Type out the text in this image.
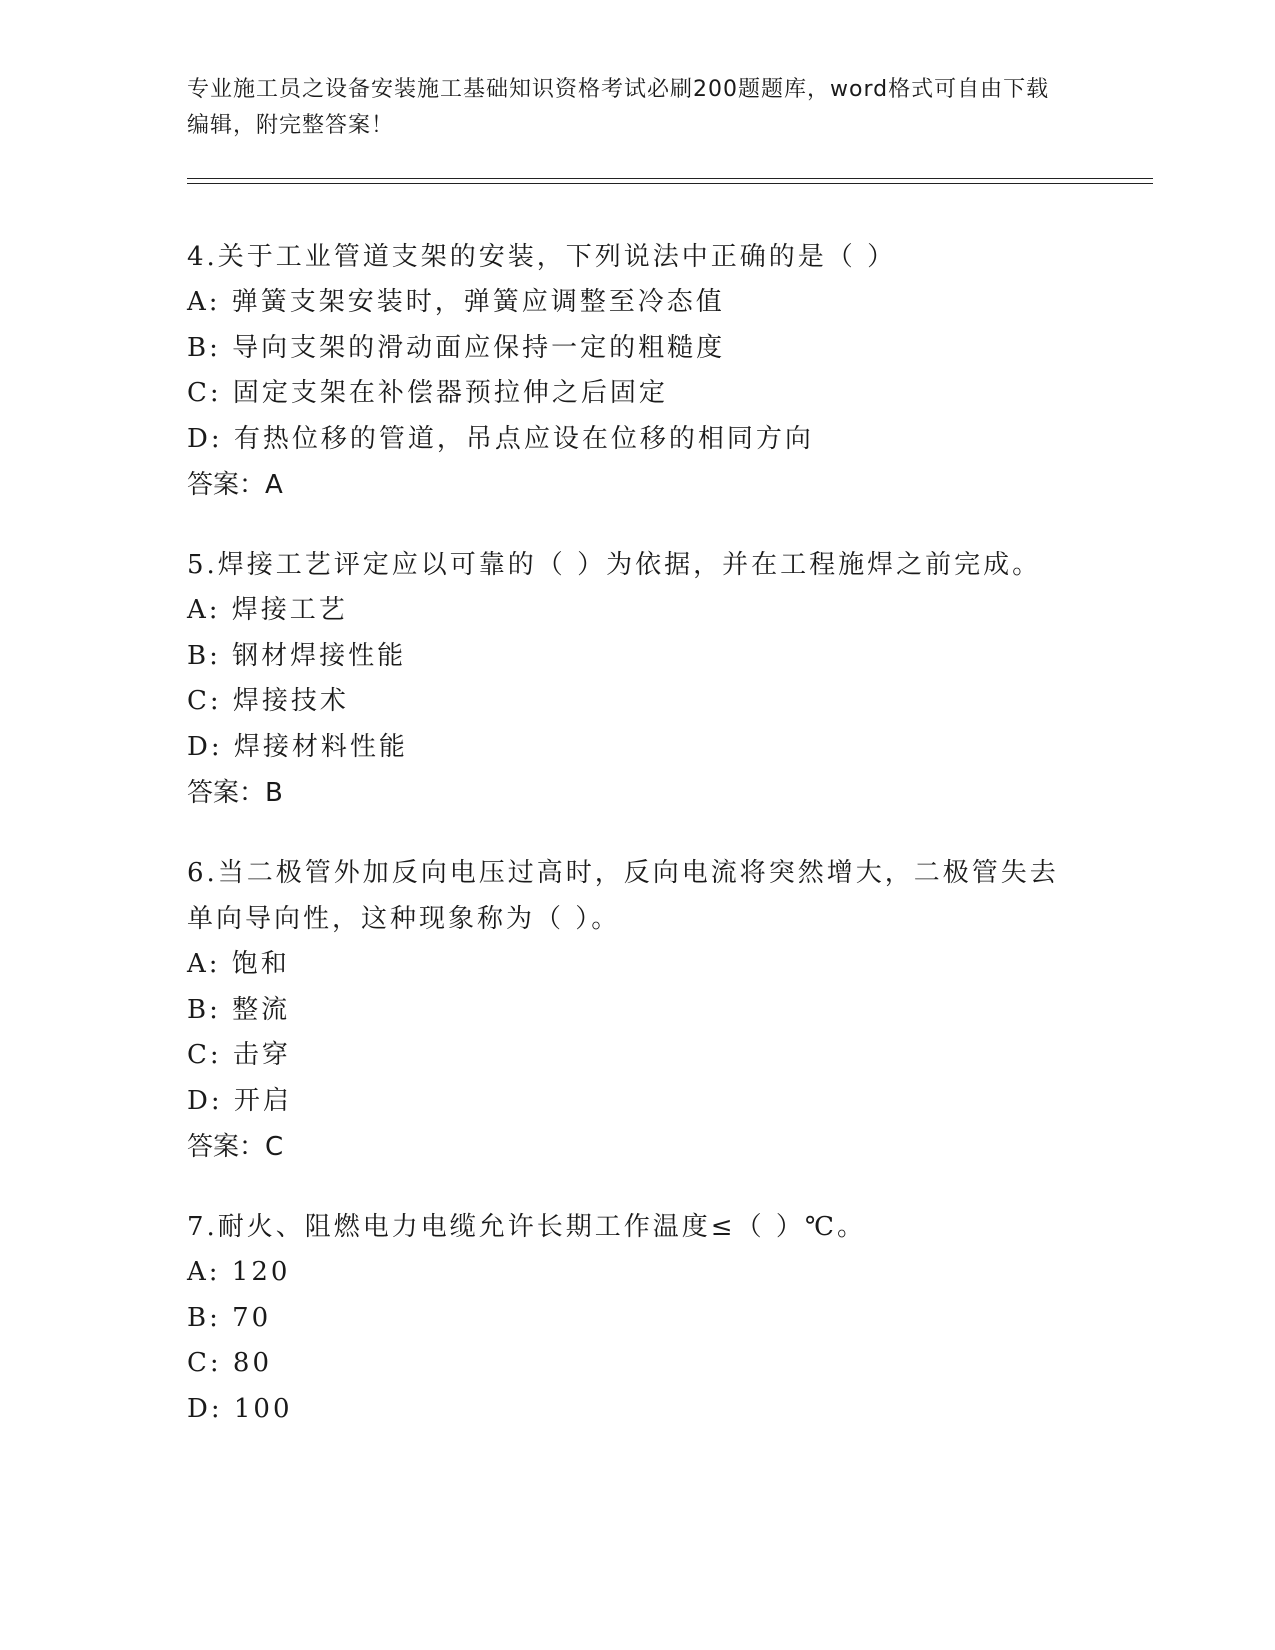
专业施工员之设备安装施工基础知识资格考试必刷200题题库，word格式可自由下载编辑，附完整答案！

4.关于工业管道支架的安装，下列说法中正确的是（ ）

A: 弹簧支架安装时，弹簧应调整至冷态值

B: 导向支架的滑动面应保持一定的粗糙度

C: 固定支架在补偿器预拉伸之后固定

D: 有热位移的管道，吊点应设在位移的相同方向

答案：A

5.焊接工艺评定应以可靠的（ ）为依据，并在工程施焊之前完成。

A: 焊接工艺

B: 钢材焊接性能

C: 焊接技术

D: 焊接材料性能

答案：B

6.当二极管外加反向电压过高时，反向电流将突然增大，二极管失去单向导向性，这种现象称为（ ）。

A: 饱和

B: 整流

C: 击穿

D: 开启

答案：C

7.耐火、阻燃电力电缆允许长期工作温度≤（ ）℃。

A: 120

B: 70

C: 80

D: 100
